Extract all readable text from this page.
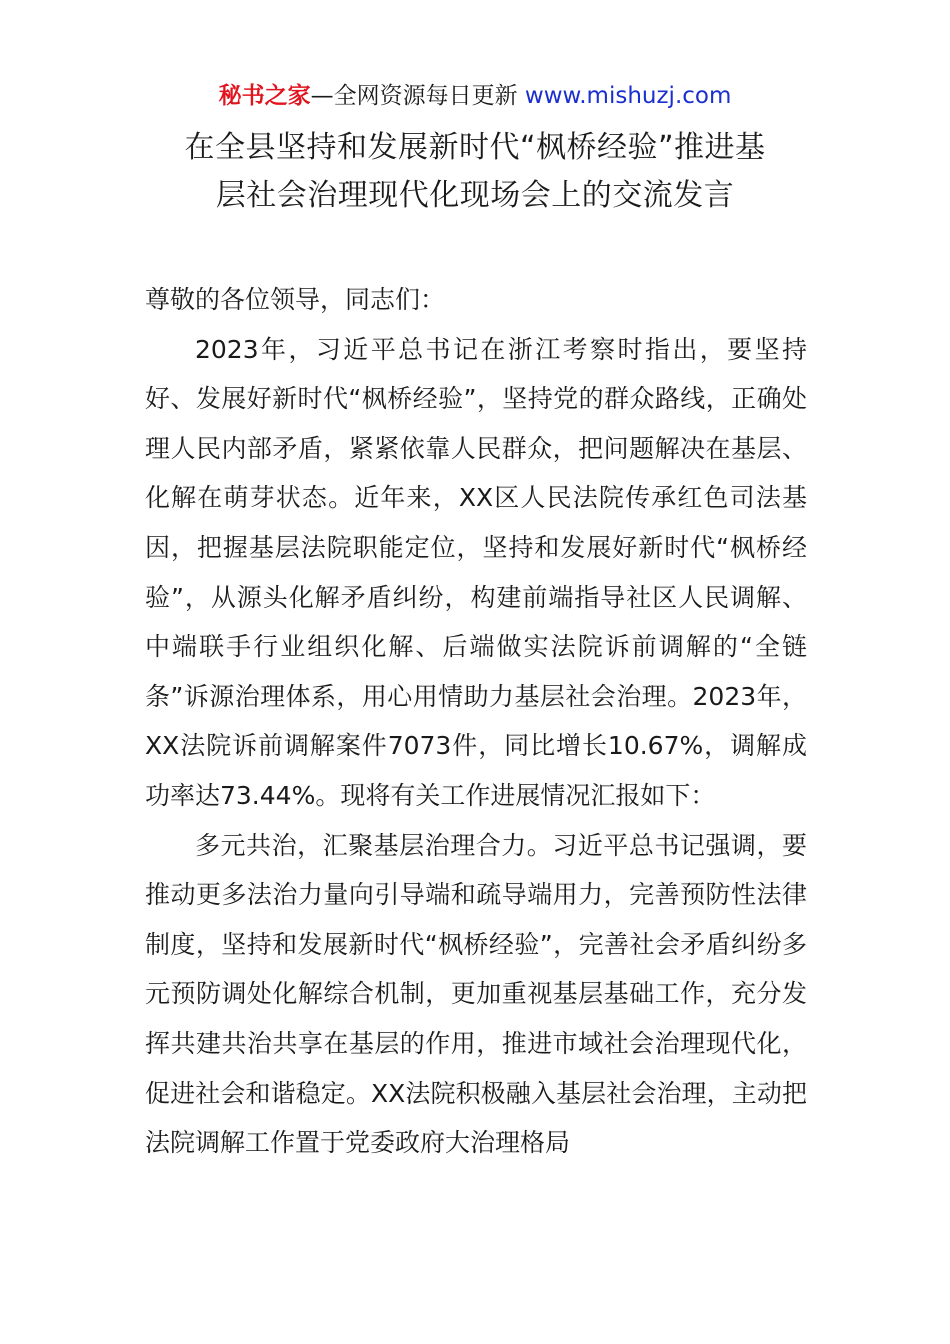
秘书之家—全网资源每日更新 www.mishuzj.com
在全县坚持和发展新时代“枫桥经验”推进基
层社会治理现代化现场会上的交流发言

尊敬的各位领导，同志们：

2023年，习近平总书记在浙江考察时指出，要坚持好、发展好新时代“枫桥经验”，坚持党的群众路线，正确处理人民内部矛盾，紧紧依靠人民群众，把问题解决在基层、化解在萌芽状态。近年来，XX区人民法院传承红色司法基因，把握基层法院职能定位，坚持和发展好新时代“枫桥经验”，从源头化解矛盾纠纷，构建前端指导社区人民调解、中端联手行业组织化解、后端做实法院诉前调解的“全链条”诉源治理体系，用心用情助力基层社会治理。2023年，XX法院诉前调解案件7073件，同比增长10.67%，调解成功率达73.44%。现将有关工作进展情况汇报如下：

多元共治，汇聚基层治理合力。习近平总书记强调，要推动更多法治力量向引导端和疏导端用力，完善预防性法律制度，坚持和发展新时代“枫桥经验”，完善社会矛盾纠纷多元预防调处化解综合机制，更加重视基层基础工作，充分发挥共建共治共享在基层的作用，推进市域社会治理现代化，促进社会和谐稳定。XX法院积极融入基层社会治理，主动把法院调解工作置于党委政府大治理格局
